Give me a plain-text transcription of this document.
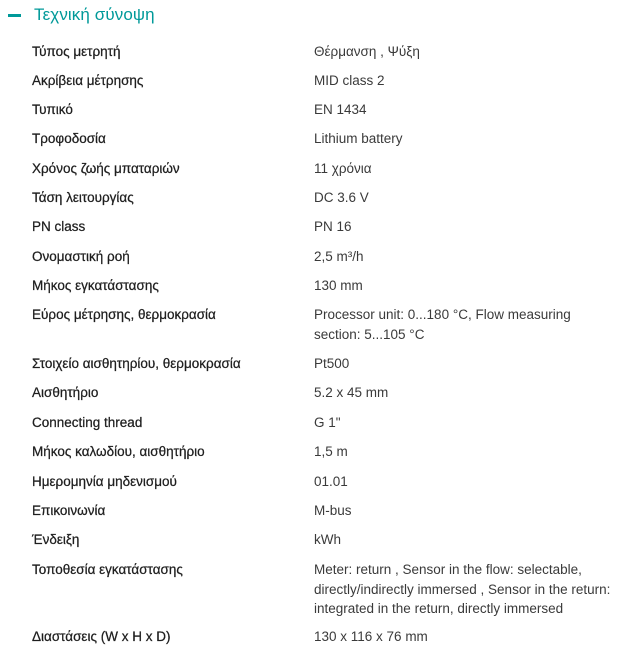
Τεχνική σύνοψη
Τύπος μετρητή	Θέρμανση , Ψύξη
Ακρίβεια μέτρησης	MID class 2
Τυπικό	EN 1434
Τροφοδοσία	Lithium battery
Χρόνος ζωής μπαταριών	11 χρόνια
Τάση λειτουργίας	DC 3.6 V
PN class	PN 16
Ονομαστική ροή	2,5 m³/h
Μήκος εγκατάστασης	130 mm
Εύρος μέτρησης, θερμοκρασία	Processor unit: 0...180 °C, Flow measuring section: 5...105 °C
Στοιχείο αισθητηρίου, θερμοκρασία	Pt500
Αισθητήριο	5.2 x 45 mm
Connecting thread	G 1"
Μήκος καλωδίου, αισθητήριο	1,5 m
Ημερομηνία μηδενισμού	01.01
Επικοινωνία	M-bus
Ένδειξη	kWh
Τοποθεσία εγκατάστασης	Meter: return , Sensor in the flow: selectable, directly/indirectly immersed , Sensor in the return: integrated in the return, directly immersed
Διαστάσεις (W x H x D)	130 x 116 x 76 mm
